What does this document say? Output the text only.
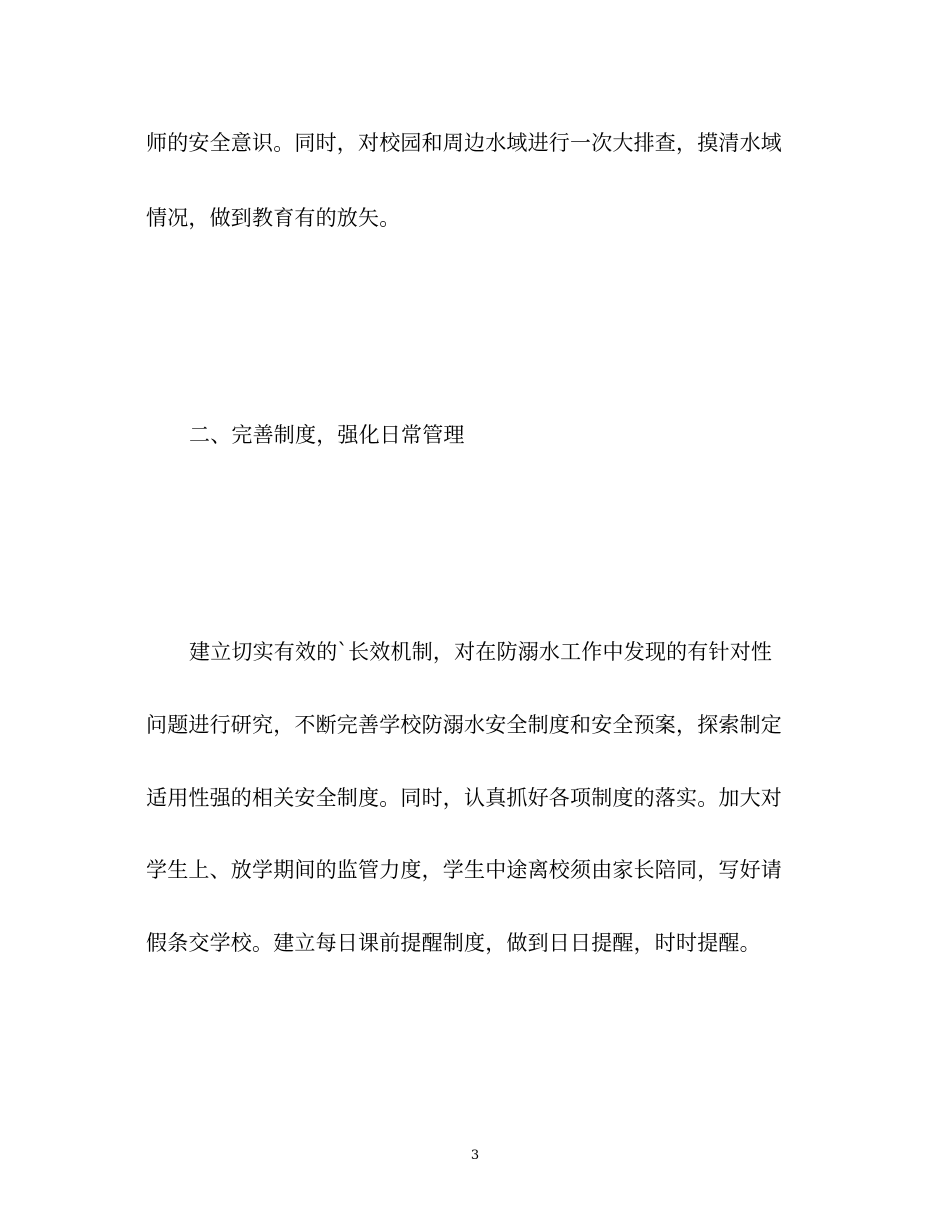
师的安全意识。同时，对校园和周边水域进行一次大排查，摸清水域
情况，做到教育有的放矢。
二、完善制度，强化日常管理
建立切实有效的`长效机制，对在防溺水工作中发现的有针对性
问题进行研究，不断完善学校防溺水安全制度和安全预案，探索制定
适用性强的相关安全制度。同时，认真抓好各项制度的落实。加大对
学生上、放学期间的监管力度，学生中途离校须由家长陪同，写好请
假条交学校。建立每日课前提醒制度，做到日日提醒，时时提醒。
3
